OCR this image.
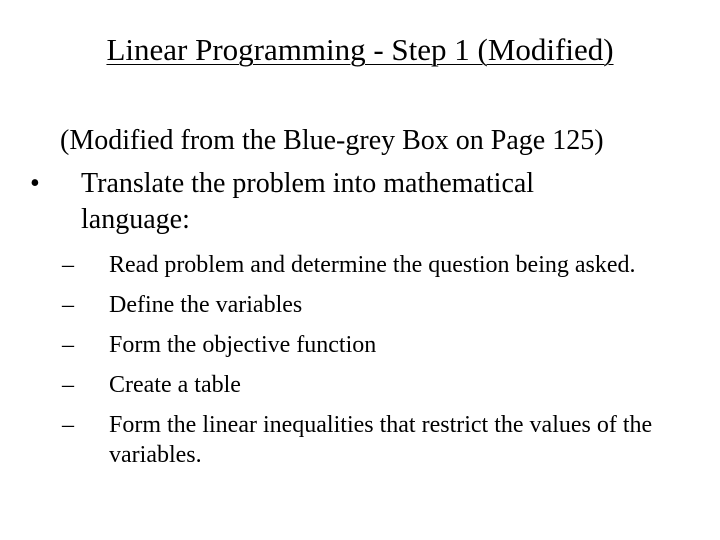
Linear Programming - Step 1 (Modified)
(Modified from the Blue-grey Box on Page 125)
• Translate the problem into mathematical language:
– Read problem and determine the question being asked.
– Define the variables
– Form the objective function
– Create a table
– Form the linear inequalities that restrict the values of the variables.
